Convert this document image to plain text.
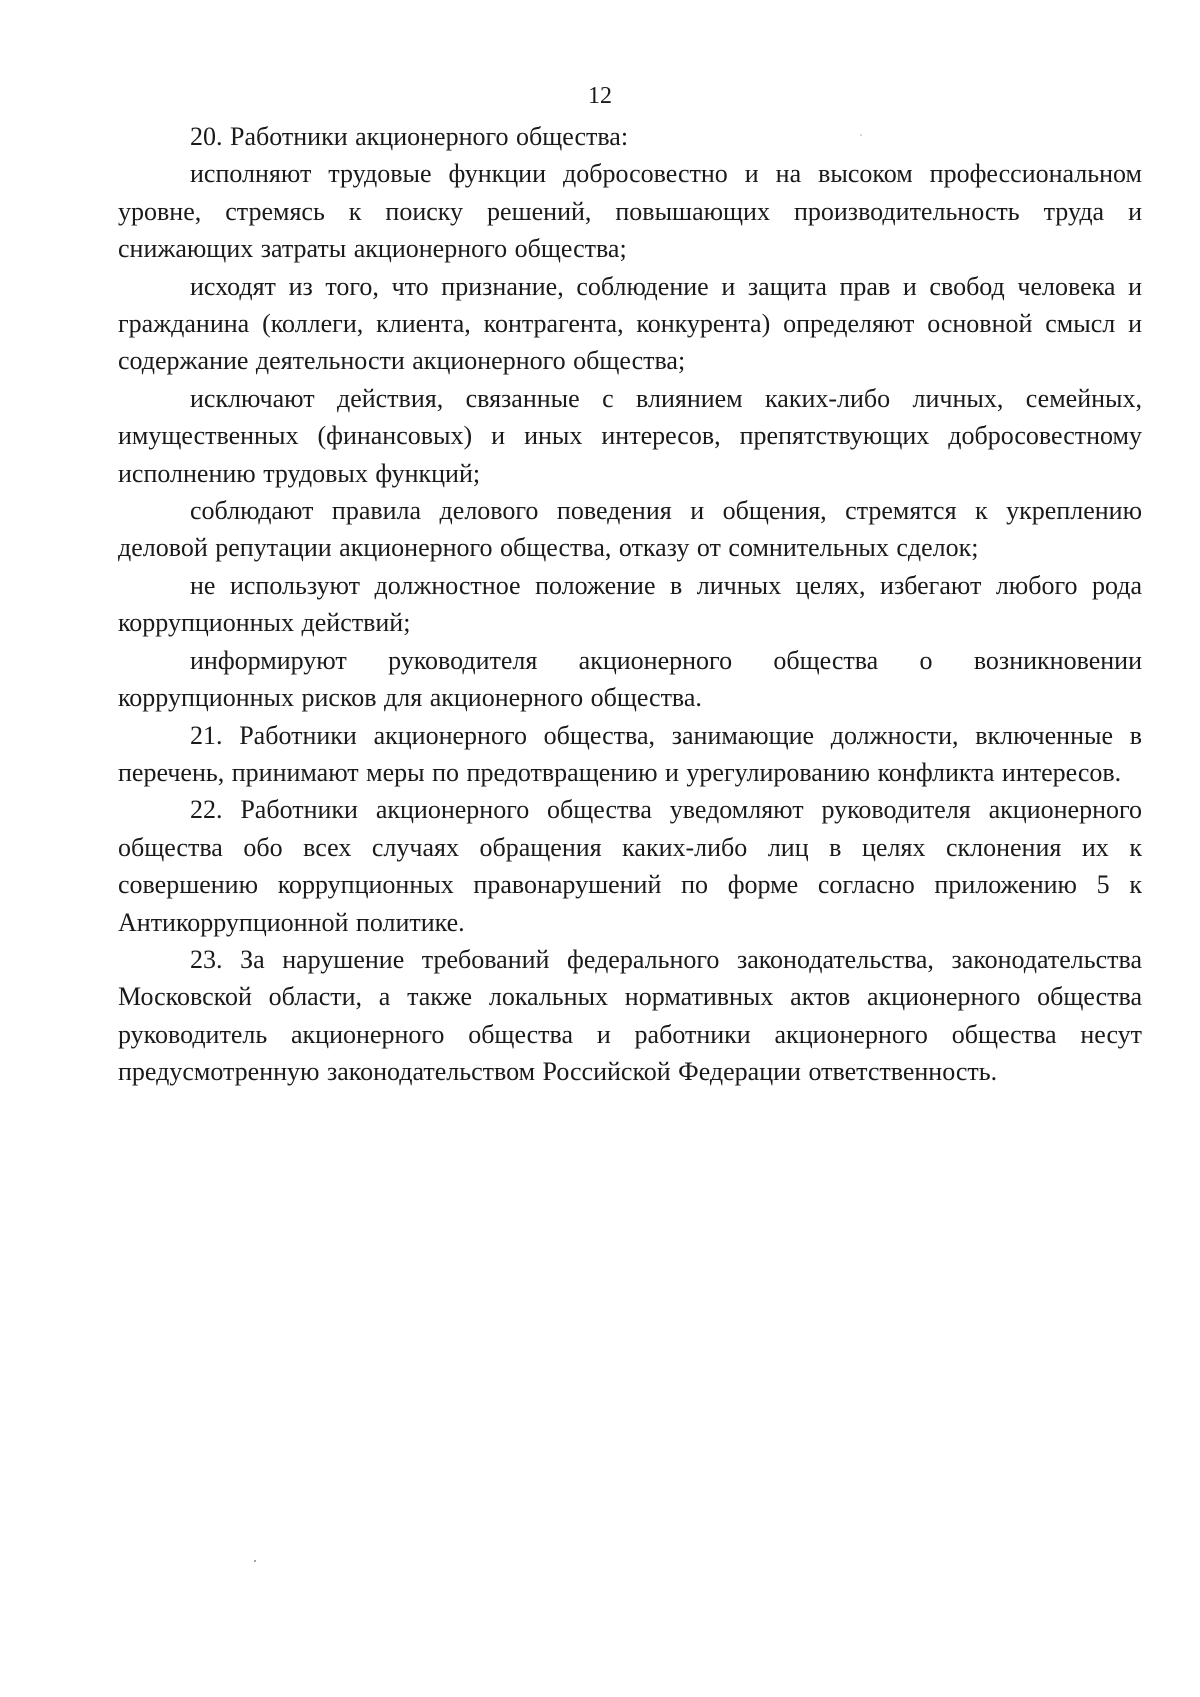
12

20. Работники акционерного общества:

исполняют трудовые функции добросовестно и на высоком профессиональном уровне, стремясь к поиску решений, повышающих производительность труда и снижающих затраты акционерного общества;

исходят из того, что признание, соблюдение и защита прав и свобод человека и гражданина (коллеги, клиента, контрагента, конкурента) определяют основной смысл и содержание деятельности акционерного общества;

исключают действия, связанные с влиянием каких-либо личных, семейных, имущественных (финансовых) и иных интересов, препятствующих добросовестному исполнению трудовых функций;

соблюдают правила делового поведения и общения, стремятся к укреплению деловой репутации акционерного общества, отказу от сомнительных сделок;

не используют должностное положение в личных целях, избегают любого рода коррупционных действий;

информируют руководителя акционерного общества о возникновении коррупционных рисков для акционерного общества.

21. Работники акционерного общества, занимающие должности, включенные в перечень, принимают меры по предотвращению и урегулированию конфликта интересов.

22. Работники акционерного общества уведомляют руководителя акционерного общества обо всех случаях обращения каких-либо лиц в целях склонения их к совершению коррупционных правонарушений по форме согласно приложению 5 к Антикоррупционной политике.

23. За нарушение требований федерального законодательства, законодательства Московской области, а также локальных нормативных актов акционерного общества руководитель акционерного общества и работники акционерного общества несут предусмотренную законодательством Российской Федерации ответственность.
